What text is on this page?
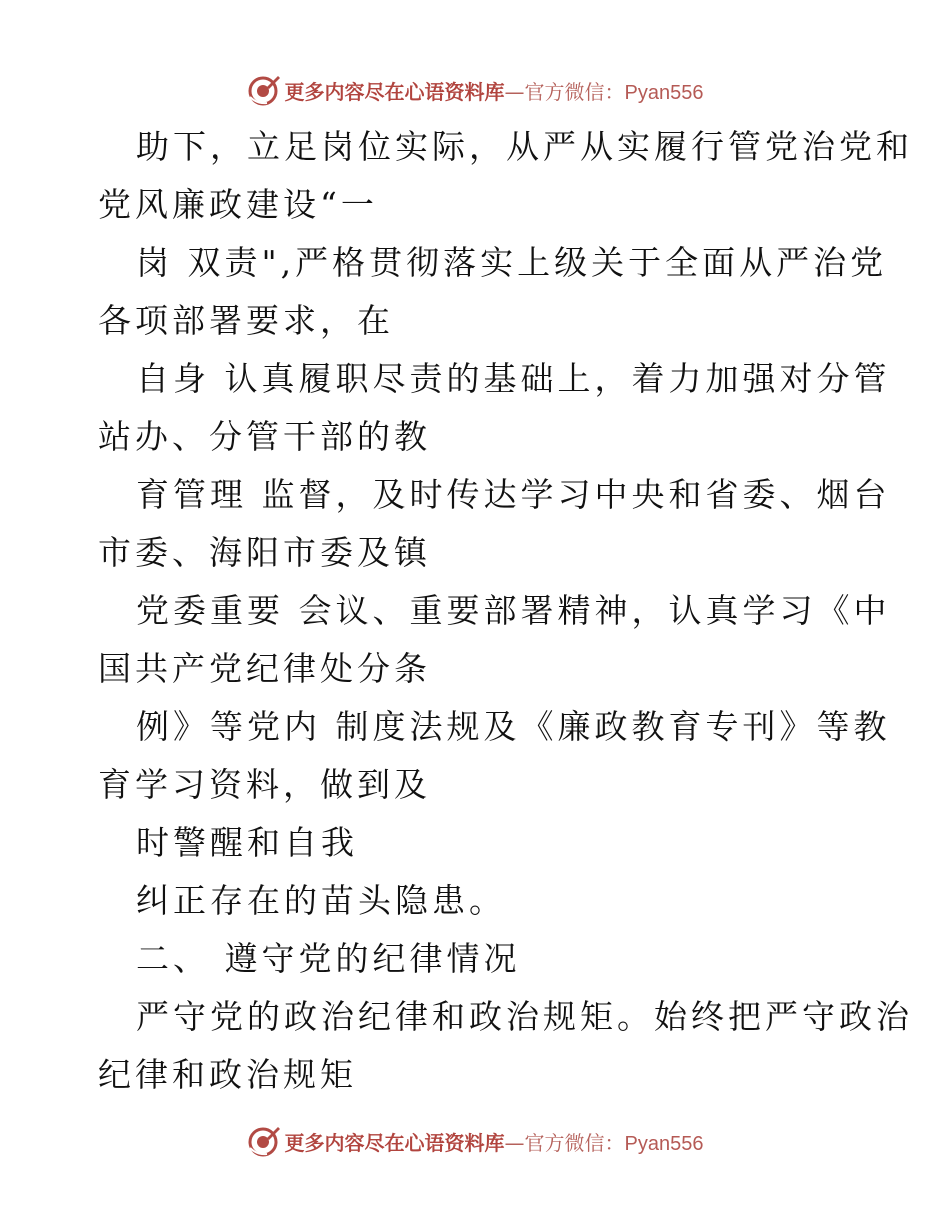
更多内容尽在心语资料库—官方微信：Pyan556
助下，立足岗位实际，从严从实履行管党治党和
党风廉政建设“一
岗 双责",严格贯彻落实上级关于全面从严治党
各项部署要求，在
自身 认真履职尽责的基础上，着力加强对分管
站办、分管干部的教
育管理 监督，及时传达学习中央和省委、烟台
市委、海阳市委及镇
党委重要 会议、重要部署精神，认真学习《中
国共产党纪律处分条
例》等党内 制度法规及《廉政教育专刊》等教
育学习资料，做到及
时警醒和自我
纠正存在的苗头隐患。
二、 遵守党的纪律情况
严守党的政治纪律和政治规矩。始终把严守政治
纪律和政治规矩
更多内容尽在心语资料库—官方微信：Pyan556
